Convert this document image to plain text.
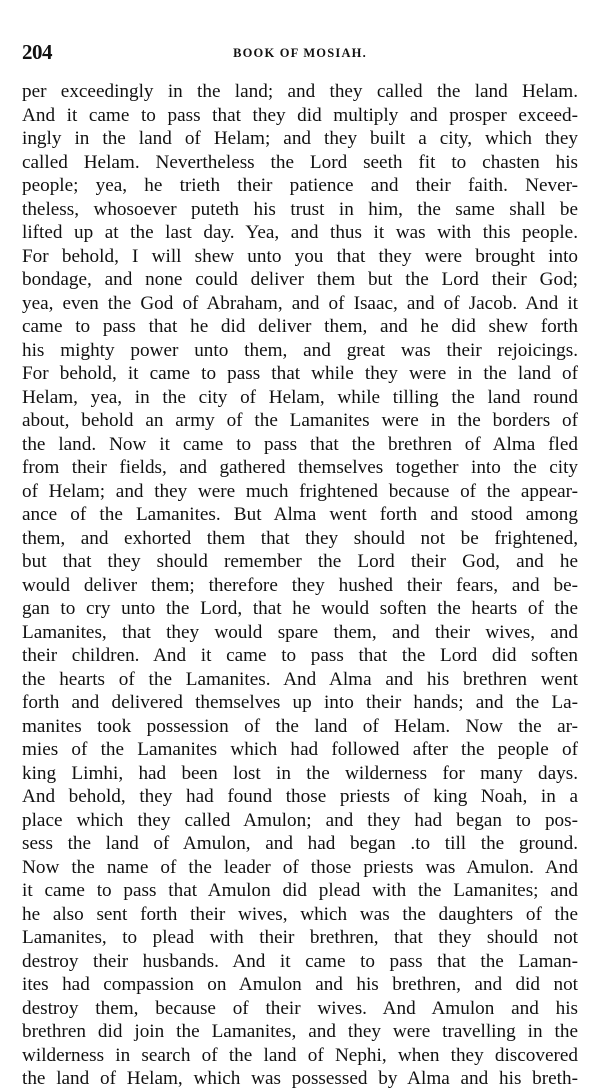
204	BOOK OF MOSIAH.
per exceedingly in the land; and they called the land Helam.
And it came to pass that they did multiply and prosper exceed-
ingly in the land of Helam; and they built a city, which they
called Helam. Nevertheless the Lord seeth fit to chasten his
people; yea, he trieth their patience and their faith. Never-
theless, whosoever puteth his trust in him, the same shall be
lifted up at the last day. Yea, and thus it was with this people.
For behold, I will shew unto you that they were brought into
bondage, and none could deliver them but the Lord their God;
yea, even the God of Abraham, and of Isaac, and of Jacob. And it
came to pass that he did deliver them, and he did shew forth
his mighty power unto them, and great was their rejoicings.
For behold, it came to pass that while they were in the land of
Helam, yea, in the city of Helam, while tilling the land round
about, behold an army of the Lamanites were in the borders of
the land. Now it came to pass that the brethren of Alma fled
from their fields, and gathered themselves together into the city
of Helam; and they were much frightened because of the appear-
ance of the Lamanites. But Alma went forth and stood among
them, and exhorted them that they should not be frightened,
but that they should remember the Lord their God, and he
would deliver them; therefore they hushed their fears, and be-
gan to cry unto the Lord, that he would soften the hearts of the
Lamanites, that they would spare them, and their wives, and
their children. And it came to pass that the Lord did soften
the hearts of the Lamanites. And Alma and his brethren went
forth and delivered themselves up into their hands; and the La-
manites took possession of the land of Helam. Now the ar-
mies of the Lamanites which had followed after the people of
king Limhi, had been lost in the wilderness for many days.
And behold, they had found those priests of king Noah, in a
place which they called Amulon; and they had began to pos-
sess the land of Amulon, and had began .to till the ground.
Now the name of the leader of those priests was Amulon. And
it came to pass that Amulon did plead with the Lamanites; and
he also sent forth their wives, which was the daughters of the
Lamanites, to plead with their brethren, that they should not
destroy their husbands. And it came to pass that the Laman-
ites had compassion on Amulon and his brethren, and did not
destroy them, because of their wives. And Amulon and his
brethren did join the Lamanites, and they were travelling in the
wilderness in search of the land of Nephi, when they discovered
the land of Helam, which was possessed by Alma and his breth-
